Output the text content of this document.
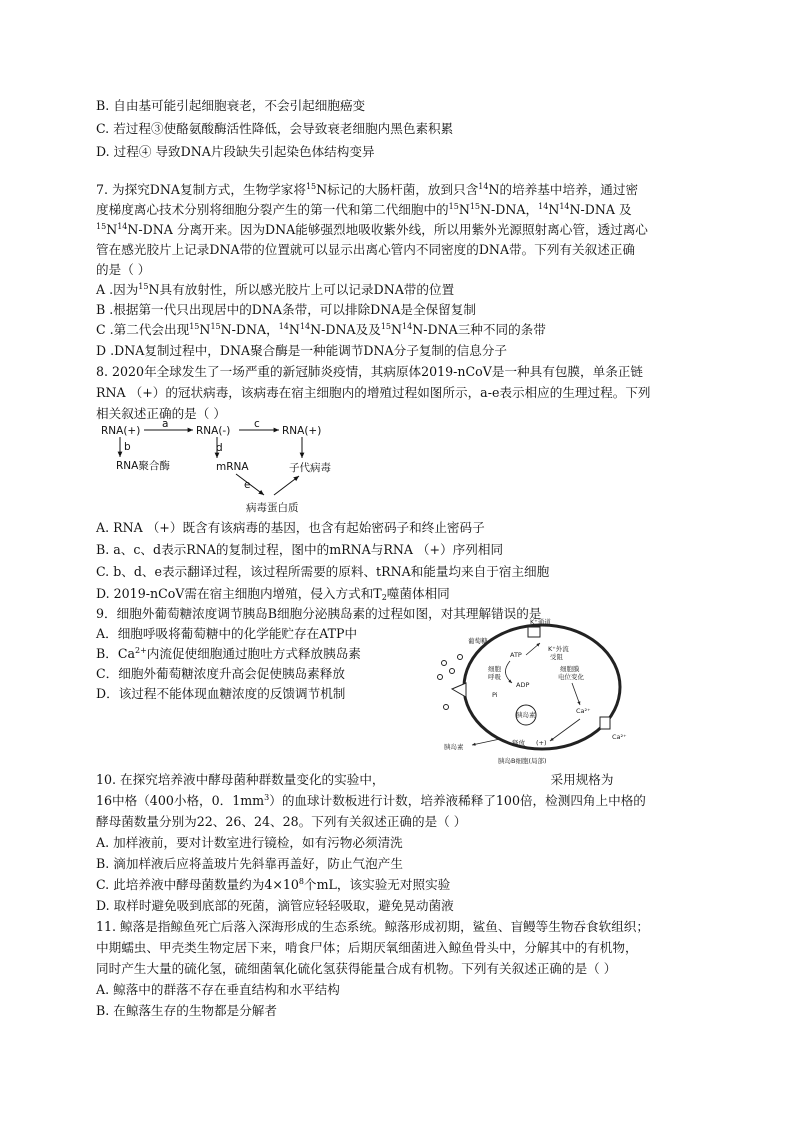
B. 自由基可能引起细胞衰老，不会引起细胞癌变
C. 若过程③使酪氨酸酶活性降低，会导致衰老细胞内黑色素积累
D. 过程④ 导致DNA片段缺失引起染色体结构变异
7. 为探究DNA复制方式，生物学家将$^{15}$N标记的大肠杆菌，放到只含$^{14}$N的培养基中培养，通过密
度梯度离心技术分别将细胞分裂产生的第一代和第二代细胞中的$^{15}N^{15}N$-DNA，$^{14}N^{14}N$-DNA 及
$^{15}N^{14}N$-DNA 分离开来。因为DNA能够强烈地吸收紫外线，所以用紫外光源照射离心管，透过离心
管在感光胶片上记录DNA带的位置就可以显示出离心管内不同密度的DNA带。下列有关叙述正确
的是（ ）
A .因为$^{15}$N具有放射性，所以感光胶片上可以记录DNA带的位置
B .根据第一代只出现居中的DNA条带，可以排除DNA是全保留复制
C .第二代会出现$^{15}N^{15}N$-DNA，$^{14}N^{14}N$-DNA及及$^{15}N^{14}N$-DNA三种不同的条带
D .DNA复制过程中，DNA聚合酶是一种能调节DNA分子复制的信息分子
8. 2020年全球发生了一场严重的新冠肺炎疫情，其病原体2019-nCoV是一种具有包膜，单条正链
RNA （+）的冠状病毒，该病毒在宿主细胞内的增殖过程如图所示，a-e表示相应的生理过程。下列
相关叙述正确的是（ ）
RNA(+)	RNA(-)	RNA(+)
a	c
b
RNA聚合酶
d
mRNA	子代病毒
e
病毒蛋白质
A. RNA （+）既含有该病毒的基因，也含有起始密码子和终止密码子
B. a、c、d表示RNA的复制过程，图中的mRNA与RNA （+）序列相同
C. b、d、e表示翻译过程，该过程所需要的原料、tRNA和能量均来自于宿主细胞
D. 2019-nCoV需在宿主细胞内增殖，侵入方式和$T_2$噬菌体相同
9．细胞外葡萄糖浓度调节胰岛B细胞分泌胰岛素的过程如图，对其理解错误的是
A．细胞呼吸将葡萄糖中的化学能贮存在ATP中
B．$Ca^{2+}$内流促使细胞通过胞吐方式释放胰岛素
C．细胞外葡萄糖浓度升高会促使胰岛素释放
D．该过程不能体现血糖浓度的反馈调节机制
K⁺通道
葡萄糖
细胞
呼吸
ATP
ADP
Pi
K⁺外流
受阻
细胞膜
电位变化
胰岛素
释放 (+)
Ca²⁺
Ca²⁺
胰岛素
胰岛B细胞(局部)
10. 在探究培养液中酵母菌种群数量变化的实验中，	采用规格为
16中格（400小格，0．$1mm^3$）的血球计数板进行计数，培养液稀释了100倍，检测四角上中格的
酵母菌数量分别为22、26、24、28。下列有关叙述正确的是（ ）
A. 加样液前，要对计数室进行镜检，如有污物必须清洗
B. 滴加样液后应将盖玻片先斜靠再盖好，防止气泡产生
C. 此培养液中酵母菌数量约为$4\times 10^8$个mL，该实验无对照实验
D. 取样时避免吸到底部的死菌，滴管应轻轻吸取，避免晃动菌液
11. 鲸落是指鲸鱼死亡后落入深海形成的生态系统。鲸落形成初期，鲨鱼、盲鳗等生物吞食软组织；
中期蠕虫、甲壳类生物定居下来，啃食尸体；后期厌氧细菌进入鲸鱼骨头中，分解其中的有机物，
同时产生大量的硫化氢，硫细菌氧化硫化氢获得能量合成有机物。下列有关叙述正确的是（ ）
A. 鲸落中的群落不存在垂直结构和水平结构
B. 在鲸落生存的生物都是分解者
